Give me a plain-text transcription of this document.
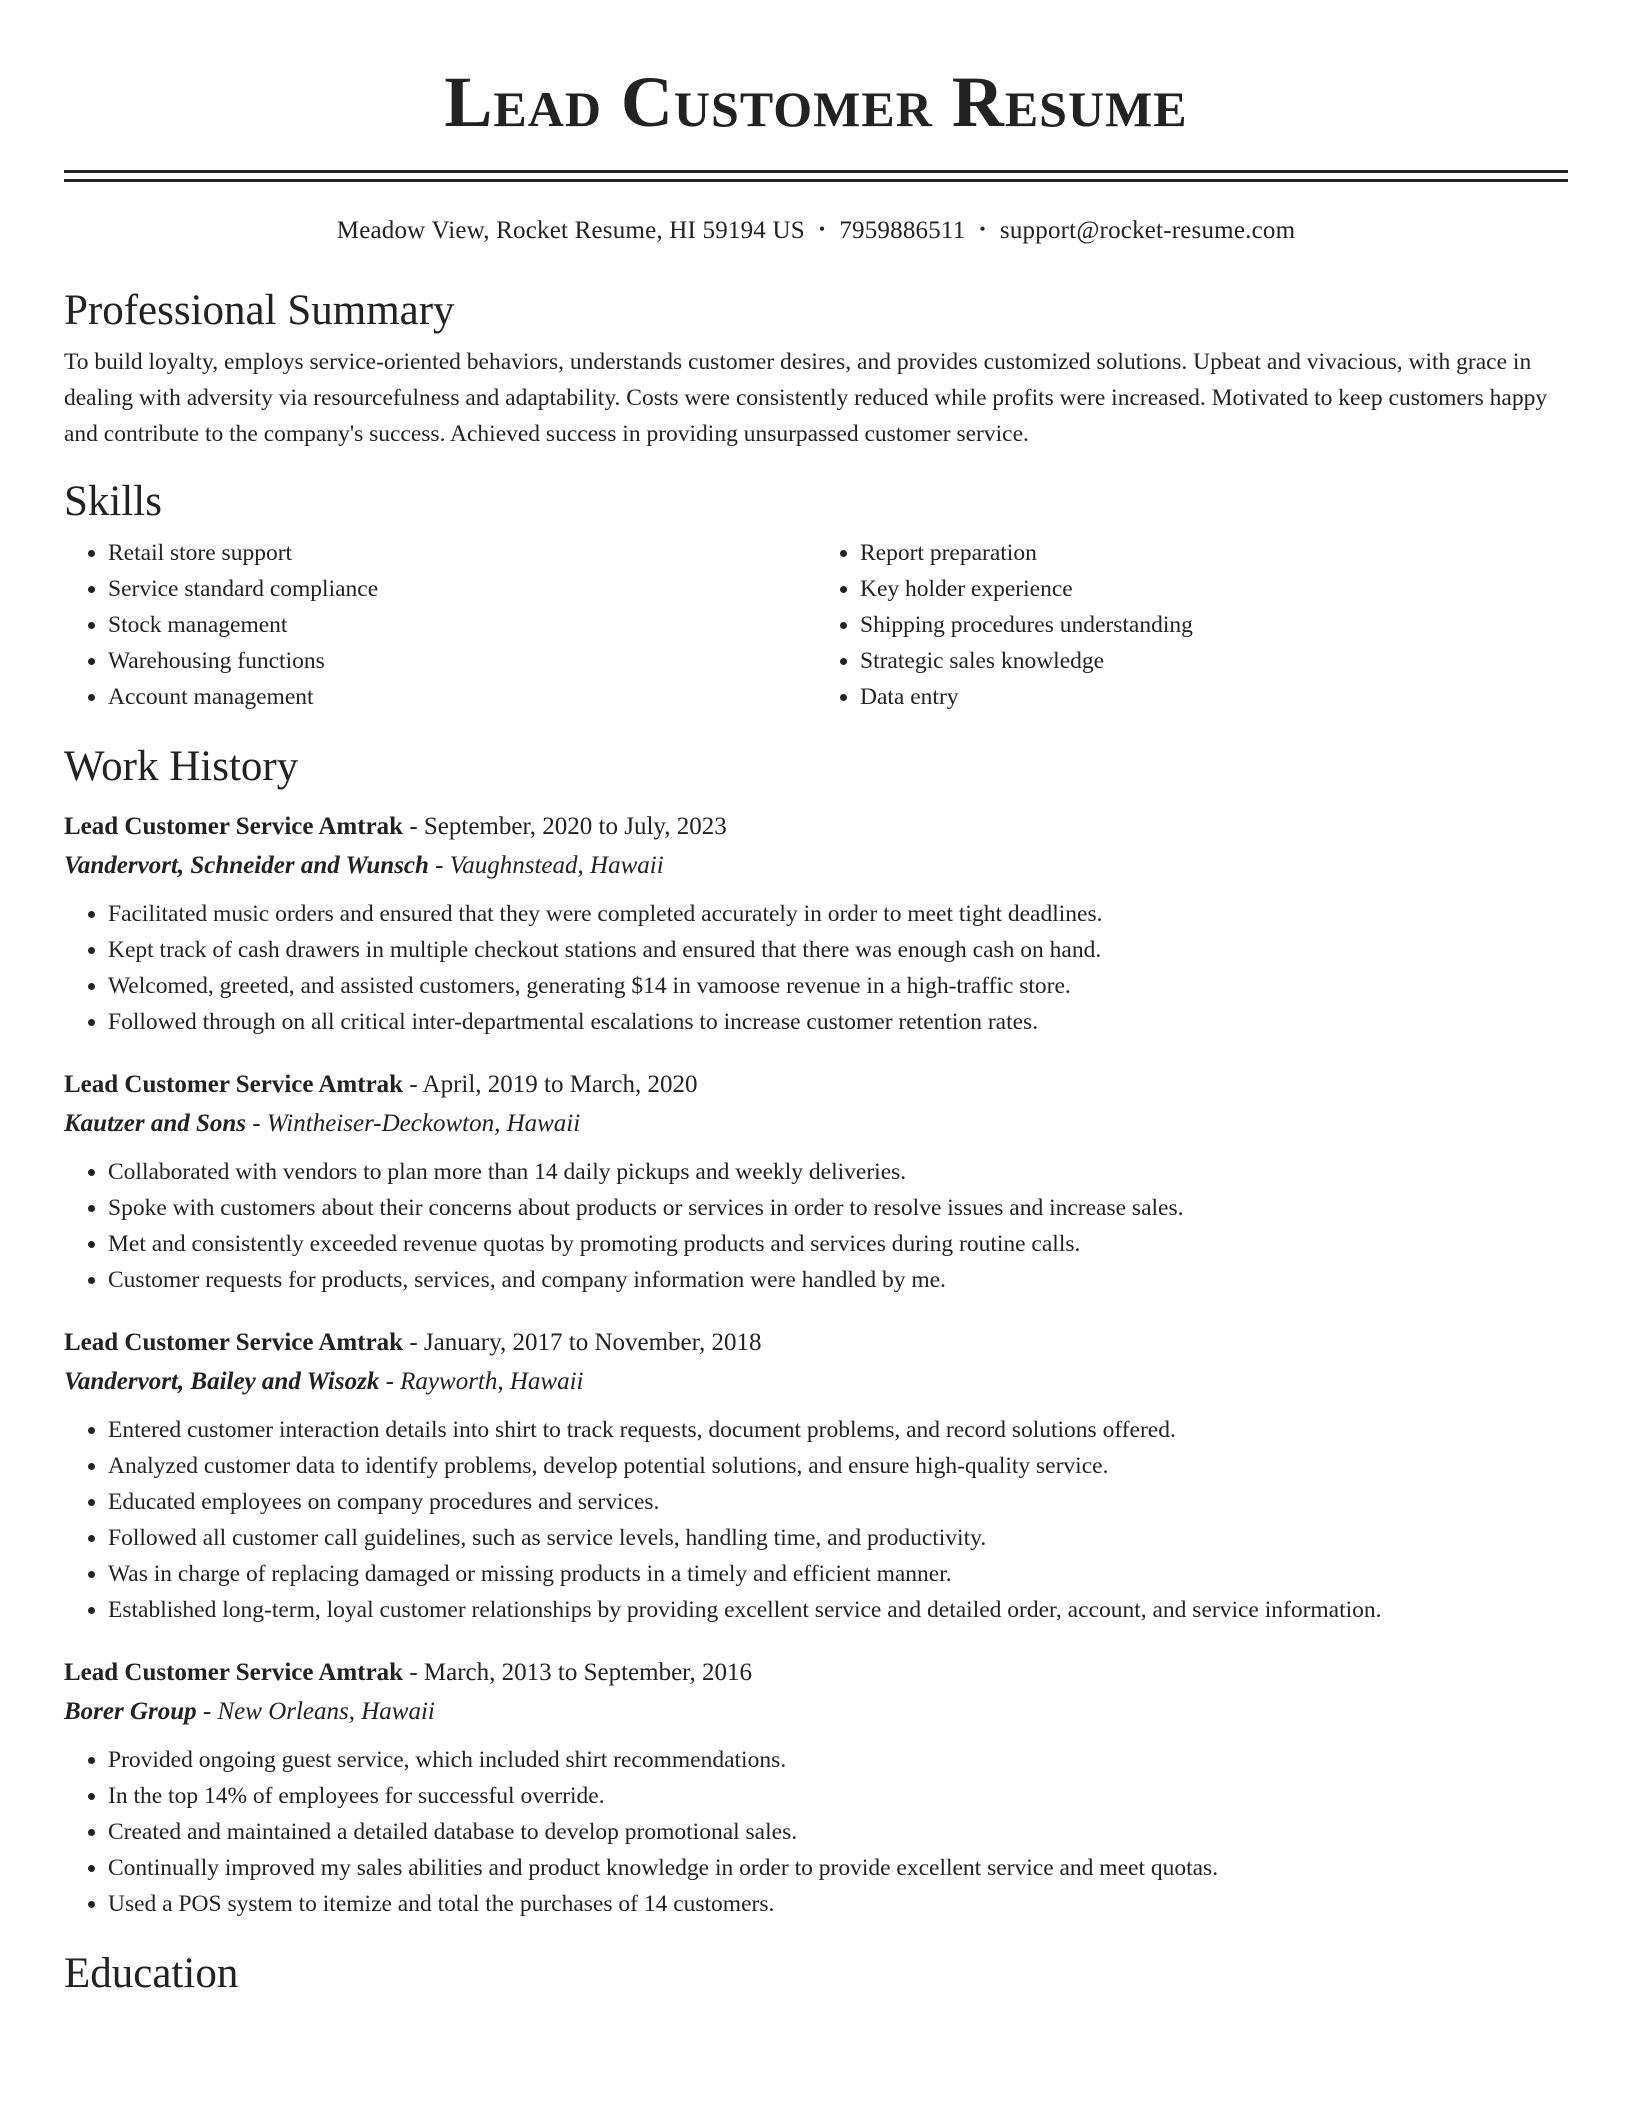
Lead Customer Resume
Meadow View, Rocket Resume, HI 59194 US • 7959886511 • support@rocket-resume.com
Professional Summary

To build loyalty, employs service-oriented behaviors, understands customer desires, and provides customized solutions. Upbeat and vivacious, with grace in dealing with adversity via resourcefulness and adaptability. Costs were consistently reduced while profits were increased. Motivated to keep customers happy and contribute to the company's success. Achieved success in providing unsurpassed customer service.

Skills
• Retail store support
• Service standard compliance
• Stock management
• Warehousing functions
• Account management
• Report preparation
• Key holder experience
• Shipping procedures understanding
• Strategic sales knowledge
• Data entry
Work History
Lead Customer Service Amtrak - September, 2020 to July, 2023
Vandervort, Schneider and Wunsch - Vaughnstead, Hawaii
• Facilitated music orders and ensured that they were completed accurately in order to meet tight deadlines.
• Kept track of cash drawers in multiple checkout stations and ensured that there was enough cash on hand.
• Welcomed, greeted, and assisted customers, generating $14 in vamoose revenue in a high-traffic store.
• Followed through on all critical inter-departmental escalations to increase customer retention rates.
Lead Customer Service Amtrak - April, 2019 to March, 2020
Kautzer and Sons - Wintheiser-Deckowton, Hawaii
• Collaborated with vendors to plan more than 14 daily pickups and weekly deliveries.
• Spoke with customers about their concerns about products or services in order to resolve issues and increase sales.
• Met and consistently exceeded revenue quotas by promoting products and services during routine calls.
• Customer requests for products, services, and company information were handled by me.
Lead Customer Service Amtrak - January, 2017 to November, 2018
Vandervort, Bailey and Wisozk - Rayworth, Hawaii
• Entered customer interaction details into shirt to track requests, document problems, and record solutions offered.
• Analyzed customer data to identify problems, develop potential solutions, and ensure high-quality service.
• Educated employees on company procedures and services.
• Followed all customer call guidelines, such as service levels, handling time, and productivity.
• Was in charge of replacing damaged or missing products in a timely and efficient manner.
• Established long-term, loyal customer relationships by providing excellent service and detailed order, account, and service information.
Lead Customer Service Amtrak - March, 2013 to September, 2016
Borer Group - New Orleans, Hawaii
• Provided ongoing guest service, which included shirt recommendations.
• In the top 14% of employees for successful override.
• Created and maintained a detailed database to develop promotional sales.
• Continually improved my sales abilities and product knowledge in order to provide excellent service and meet quotas.
• Used a POS system to itemize and total the purchases of 14 customers.
Education
